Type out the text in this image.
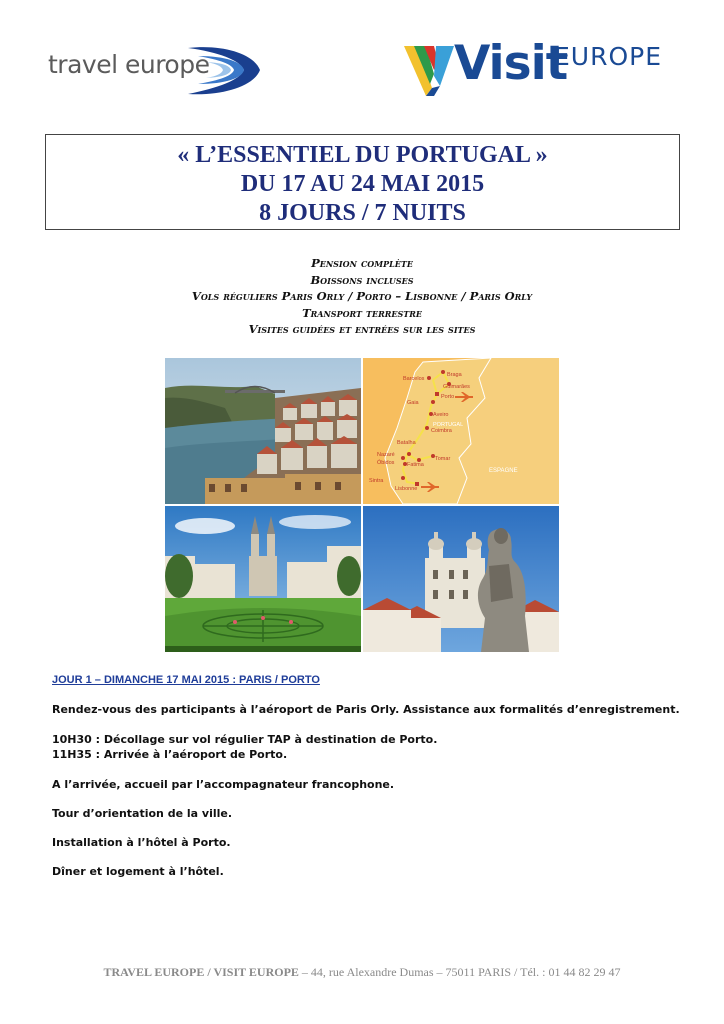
travel europe	Visit
EUROPE
« L’ESSENTIEL DU PORTUGAL »
DU 17 AU 24 MAI 2015
8 JOURS / 7 NUITS
Pension complète
Boissons incluses
Vols réguliers Paris Orly / Porto – Lisbonne / Paris Orly
Transport terrestre
Visites guidées et entrées sur les sites
Barcelos
Braga
Guimarães
Porto
Gaia
Aveiro
Coimbra
Batalha
Nazaré
Óbidos Fatima
Tomar
Sintra
Lisbonne
PORTUGAL
ESPAGNE
JOUR 1 – DIMANCHE 17 MAI 2015 : PARIS / PORTO
Rendez-vous des participants à l’aéroport de Paris Orly. Assistance aux formalités d’enregistrement.
10H30 : Décollage sur vol régulier TAP à destination de Porto.
11H35 : Arrivée à l’aéroport de Porto.
A l’arrivée, accueil par l’accompagnateur francophone.
Tour d’orientation de la ville.
Installation à l’hôtel à Porto.
Dîner et logement à l’hôtel.
TRAVEL EUROPE / VISIT EUROPE – 44, rue Alexandre Dumas – 75011 PARIS / Tél. : 01 44 82 29 47
